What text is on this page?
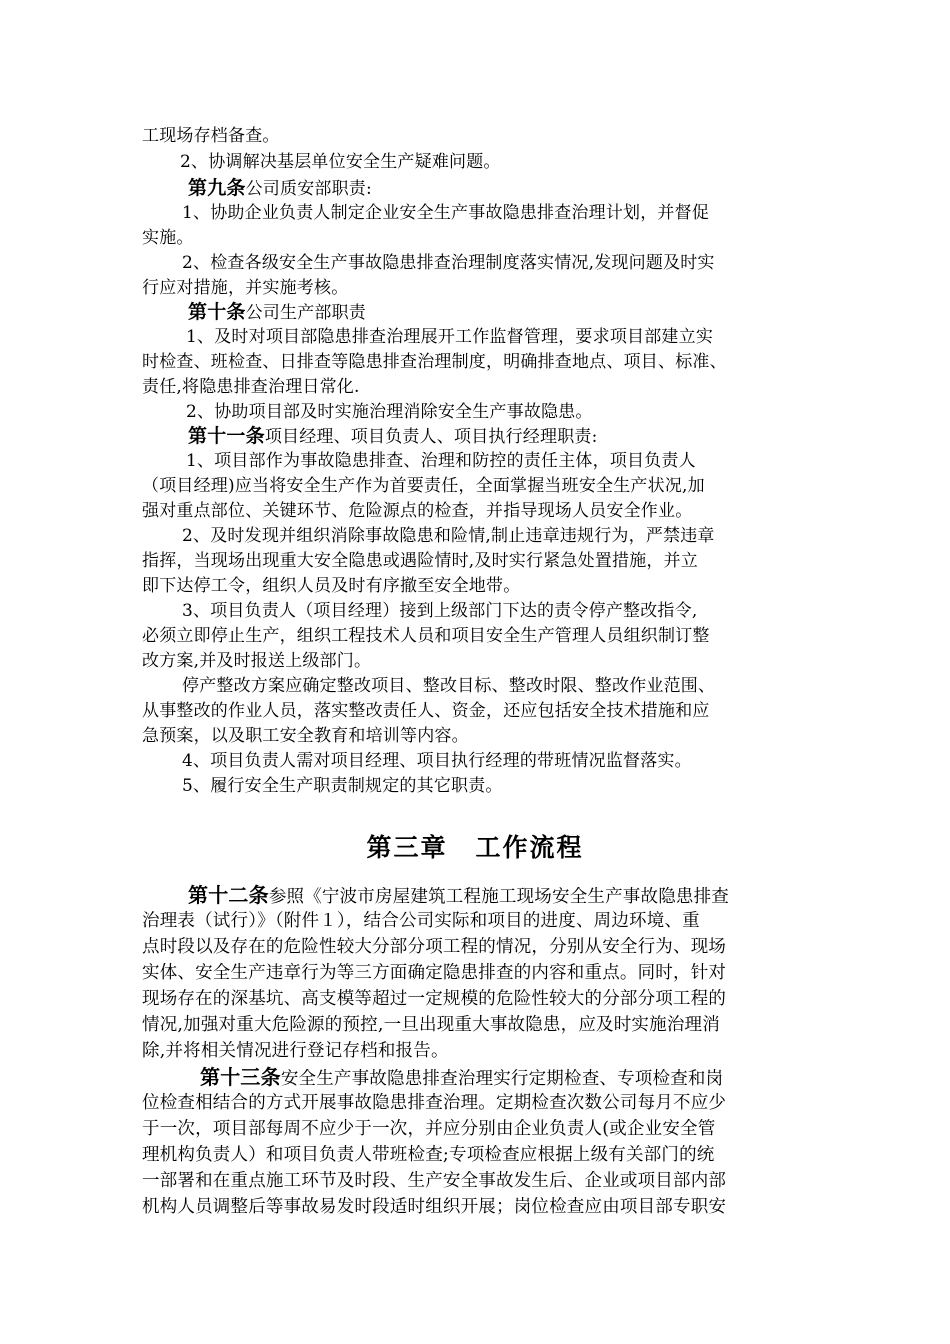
工现场存档备查。
2、协调解决基层单位安全生产疑难问题。
第九条公司质安部职责:
1、协助企业负责人制定企业安全生产事故隐患排查治理计划，并督促
实施。
2、检查各级安全生产事故隐患排查治理制度落实情况,发现问题及时实
行应对措施，并实施考核。
第十条公司生产部职责
1、及时对项目部隐患排查治理展开工作监督管理，要求项目部建立实
时检查、班检查、日排查等隐患排查治理制度，明确排查地点、项目、标准、
责任,将隐患排查治理日常化.
2、协助项目部及时实施治理消除安全生产事故隐患。
第十一条项目经理、项目负责人、项目执行经理职责:
1、项目部作为事故隐患排查、治理和防控的责任主体，项目负责人
（项目经理)应当将安全生产作为首要责任，全面掌握当班安全生产状况,加
强对重点部位、关键环节、危险源点的检查，并指导现场人员安全作业。
2、及时发现并组织消除事故隐患和险情,制止违章违规行为，严禁违章
指挥，当现场出现重大安全隐患或遇险情时,及时实行紧急处置措施，并立
即下达停工令，组织人员及时有序撤至安全地带。
3、项目负责人（项目经理）接到上级部门下达的责令停产整改指令,
必须立即停止生产，组织工程技术人员和项目安全生产管理人员组织制订整
改方案,并及时报送上级部门。
停产整改方案应确定整改项目、整改目标、整改时限、整改作业范围、
从事整改的作业人员，落实整改责任人、资金，还应包括安全技术措施和应
急预案，以及职工安全教育和培训等内容。
4、项目负责人需对项目经理、项目执行经理的带班情况监督落实。
5、履行安全生产职责制规定的其它职责。
第三章 工作流程
第十二条参照《宁波市房屋建筑工程施工现场安全生产事故隐患排查
治理表（试行）》（附件１），结合公司实际和项目的进度、周边环境、重
点时段以及存在的危险性较大分部分项工程的情况，分别从安全行为、现场
实体、安全生产违章行为等三方面确定隐患排查的内容和重点。同时，针对
现场存在的深基坑、高支模等超过一定规模的危险性较大的分部分项工程的
情况,加强对重大危险源的预控,一旦出现重大事故隐患，应及时实施治理消
除,并将相关情况进行登记存档和报告。
第十三条安全生产事故隐患排查治理实行定期检查、专项检查和岗
位检查相结合的方式开展事故隐患排查治理。定期检查次数公司每月不应少
于一次，项目部每周不应少于一次，并应分别由企业负责人(或企业安全管
理机构负责人）和项目负责人带班检查;专项检查应根据上级有关部门的统
一部署和在重点施工环节及时段、生产安全事故发生后、企业或项目部内部
机构人员调整后等事故易发时段适时组织开展；岗位检查应由项目部专职安
